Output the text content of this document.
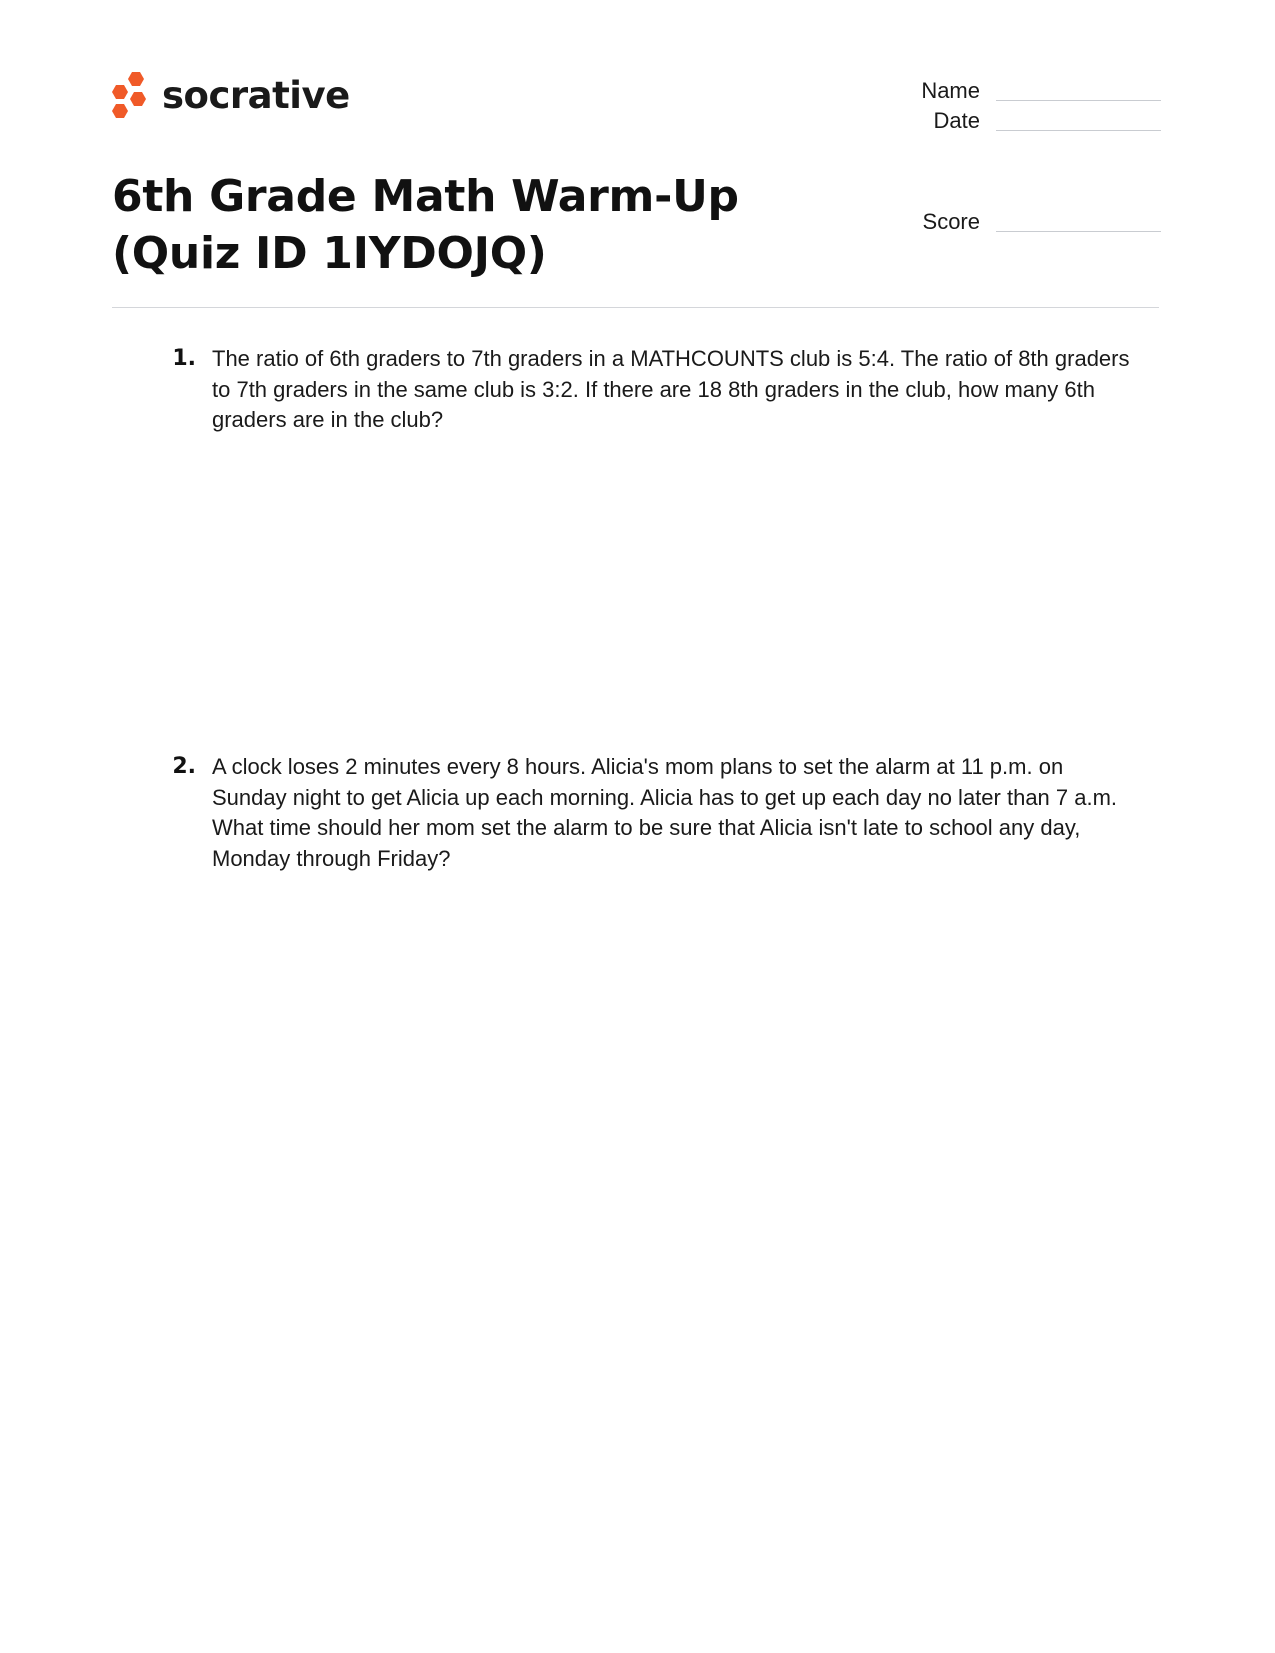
socrative	Name
Date
Score
6th Grade Math Warm-Up (Quiz ID 1IYDOJQ)
1. The ratio of 6th graders to 7th graders in a MATHCOUNTS club is 5:4. The ratio of 8th graders to 7th graders in the same club is 3:2. If there are 18 8th graders in the club, how many 6th graders are in the club?
2. A clock loses 2 minutes every 8 hours. Alicia's mom plans to set the alarm at 11 p.m. on Sunday night to get Alicia up each morning. Alicia has to get up each day no later than 7 a.m. What time should her mom set the alarm to be sure that Alicia isn't late to school any day, Monday through Friday?
